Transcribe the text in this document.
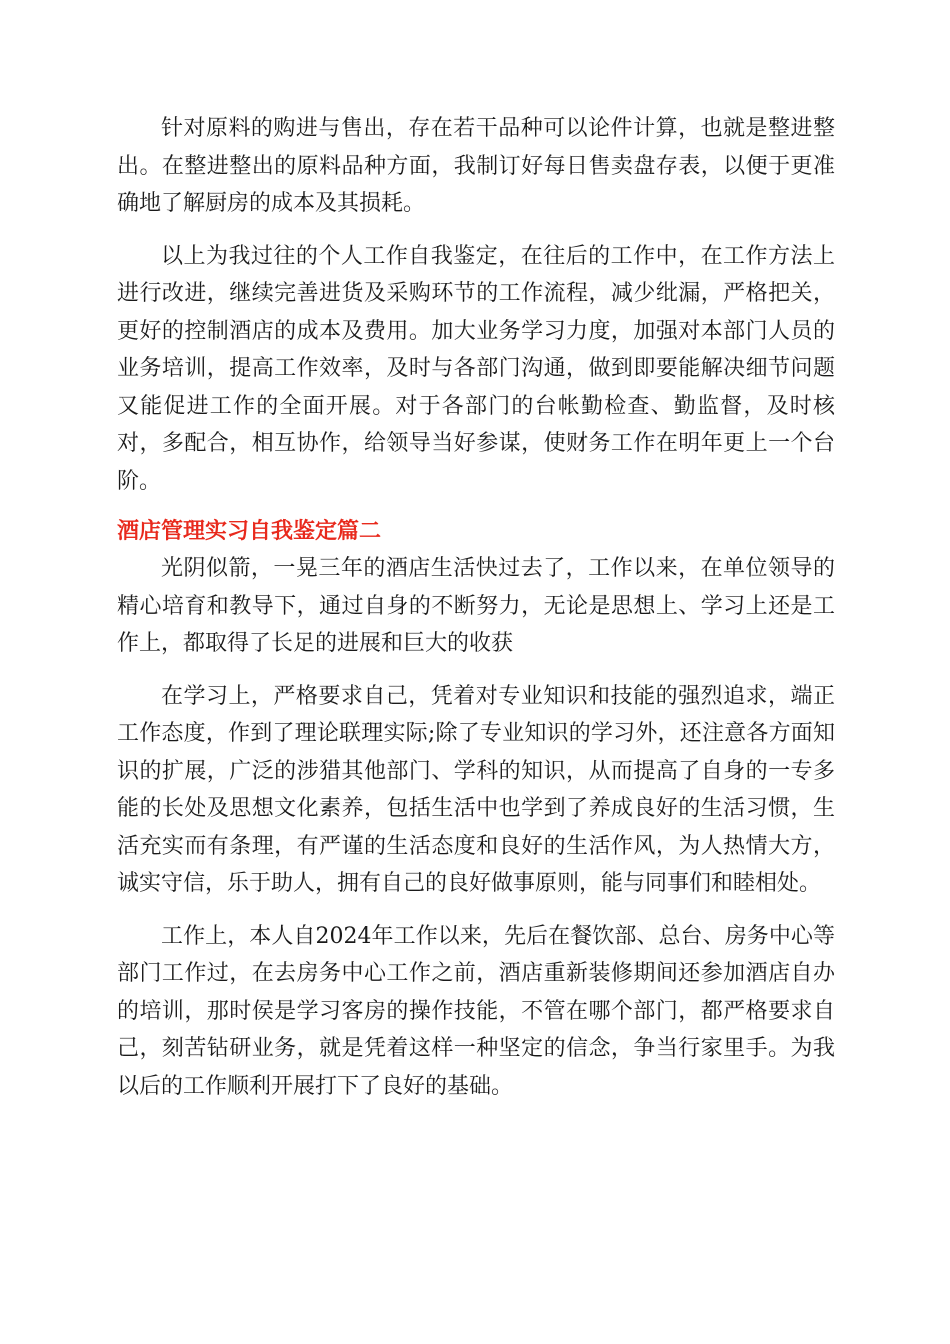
针对原料的购进与售出，存在若干品种可以论件计算，也就是整进整出。在整进整出的原料品种方面，我制订好每日售卖盘存表，以便于更准确地了解厨房的成本及其损耗。

以上为我过往的个人工作自我鉴定，在往后的工作中，在工作方法上进行改进，继续完善进货及采购环节的工作流程，减少纰漏，严格把关，更好的控制酒店的成本及费用。加大业务学习力度，加强对本部门人员的业务培训，提高工作效率，及时与各部门沟通，做到即要能解决细节问题又能促进工作的全面开展。对于各部门的台帐勤检查、勤监督，及时核对，多配合，相互协作，给领导当好参谋，使财务工作在明年更上一个台阶。

酒店管理实习自我鉴定篇二

光阴似箭，一晃三年的酒店生活快过去了，工作以来，在单位领导的精心培育和教导下，通过自身的不断努力，无论是思想上、学习上还是工作上，都取得了长足的进展和巨大的收获

在学习上，严格要求自己，凭着对专业知识和技能的强烈追求，端正工作态度，作到了理论联理实际;除了专业知识的学习外，还注意各方面知识的扩展，广泛的涉猎其他部门、学科的知识，从而提高了自身的一专多能的长处及思想文化素养，包括生活中也学到了养成良好的生活习惯，生活充实而有条理，有严谨的生活态度和良好的生活作风，为人热情大方，诚实守信，乐于助人，拥有自己的良好做事原则，能与同事们和睦相处。

工作上，本人自2024年工作以来，先后在餐饮部、总台、房务中心等部门工作过，在去房务中心工作之前，酒店重新装修期间还参加酒店自办的培训，那时侯是学习客房的操作技能，不管在哪个部门，都严格要求自己，刻苦钻研业务，就是凭着这样一种坚定的信念，争当行家里手。为我以后的工作顺利开展打下了良好的基础。
